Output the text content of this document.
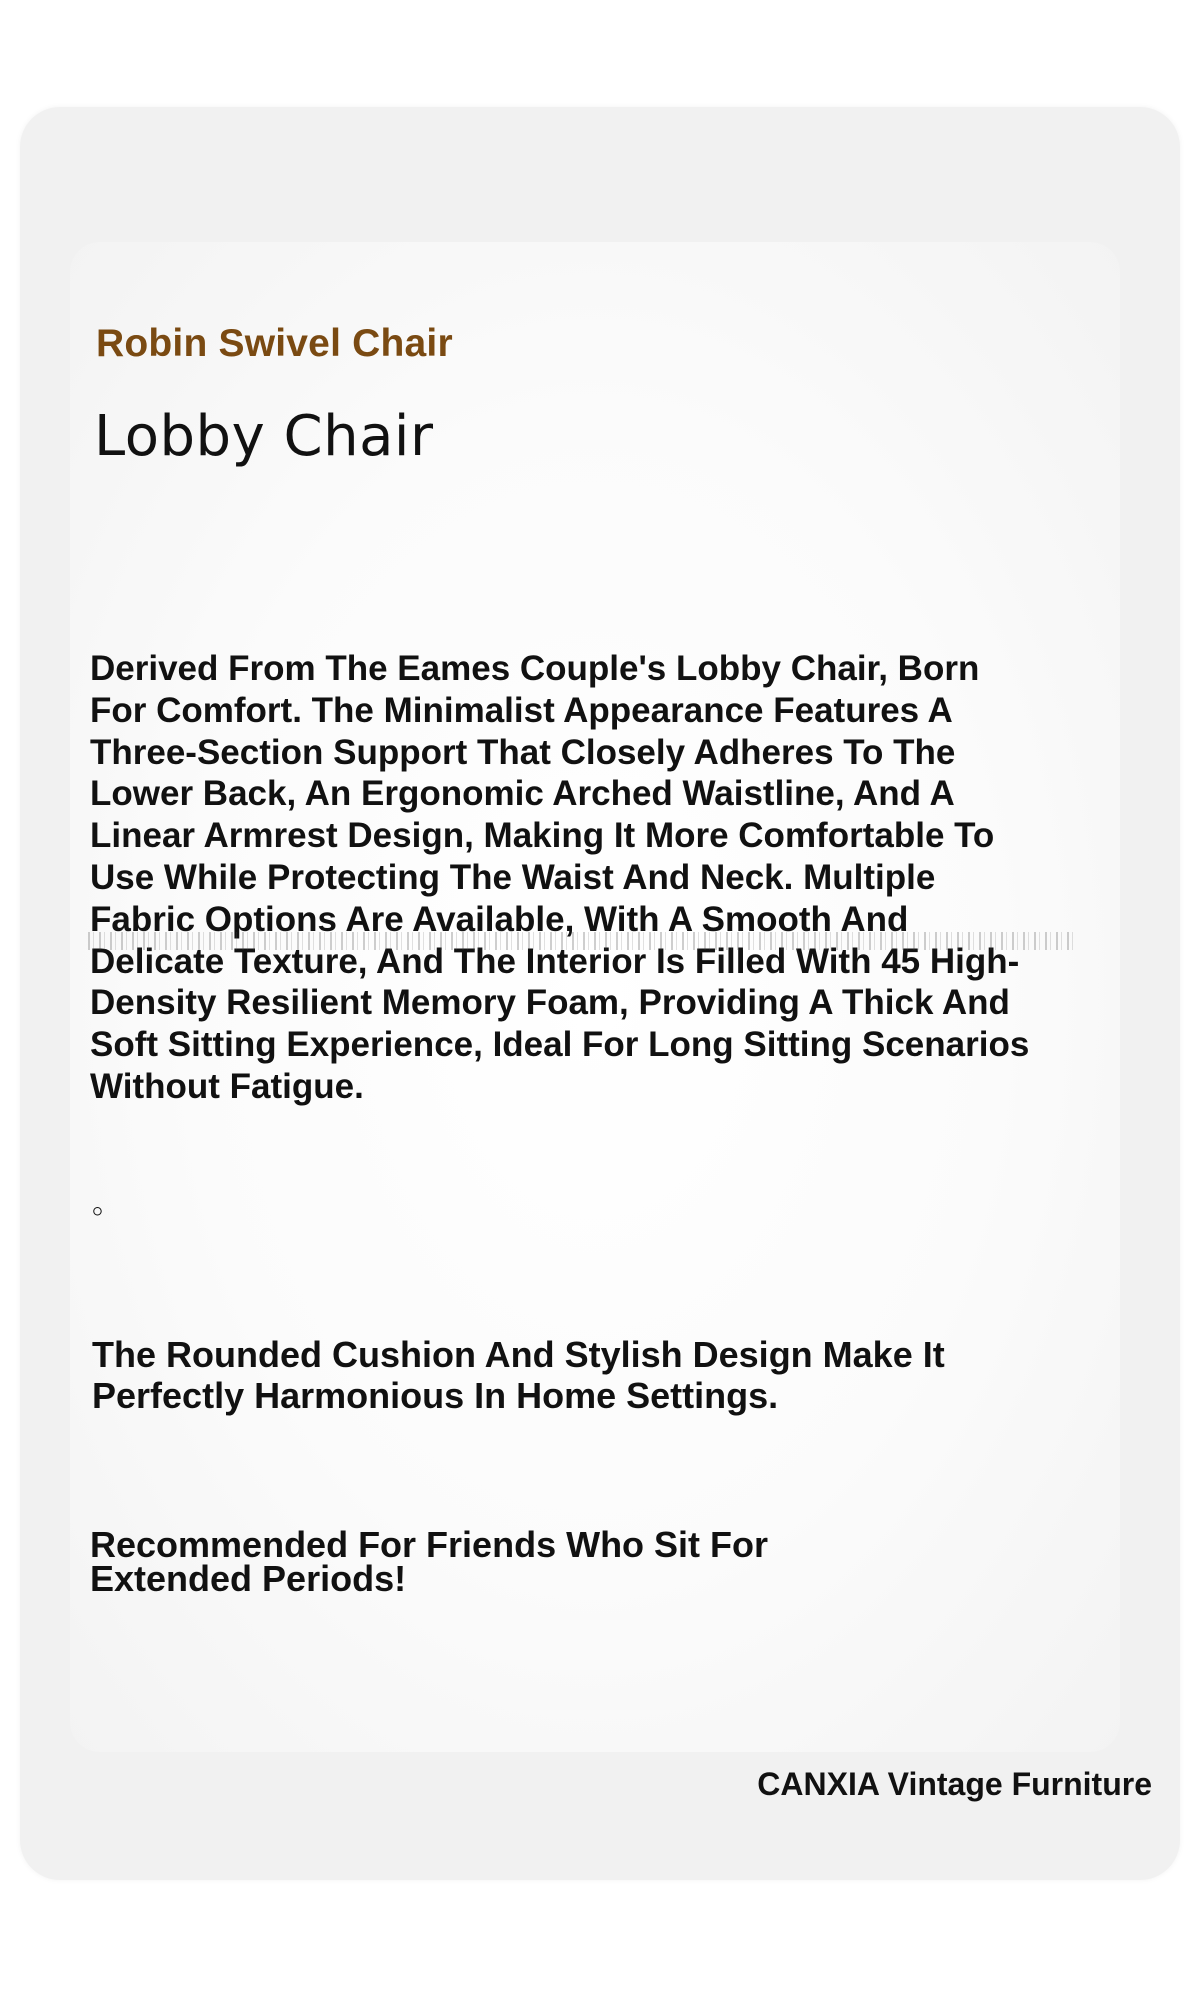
Robin Swivel Chair
Lobby Chair

Derived From The Eames Couple's Lobby Chair, Born For Comfort. The Minimalist Appearance Features A Three-Section Support That Closely Adheres To The Lower Back, An Ergonomic Arched Waistline, And A Linear Armrest Design, Making It More Comfortable To Use While Protecting The Waist And Neck. Multiple Fabric Options Are Available, With A Smooth And Delicate Texture, And The Interior Is Filled With 45 High-Density Resilient Memory Foam, Providing A Thick And Soft Sitting Experience, Ideal For Long Sitting Scenarios Without Fatigue.

。

The Rounded Cushion And Stylish Design Make It Perfectly Harmonious In Home Settings.

Recommended For Friends Who Sit For Extended Periods!

CANXIA Vintage Furniture
